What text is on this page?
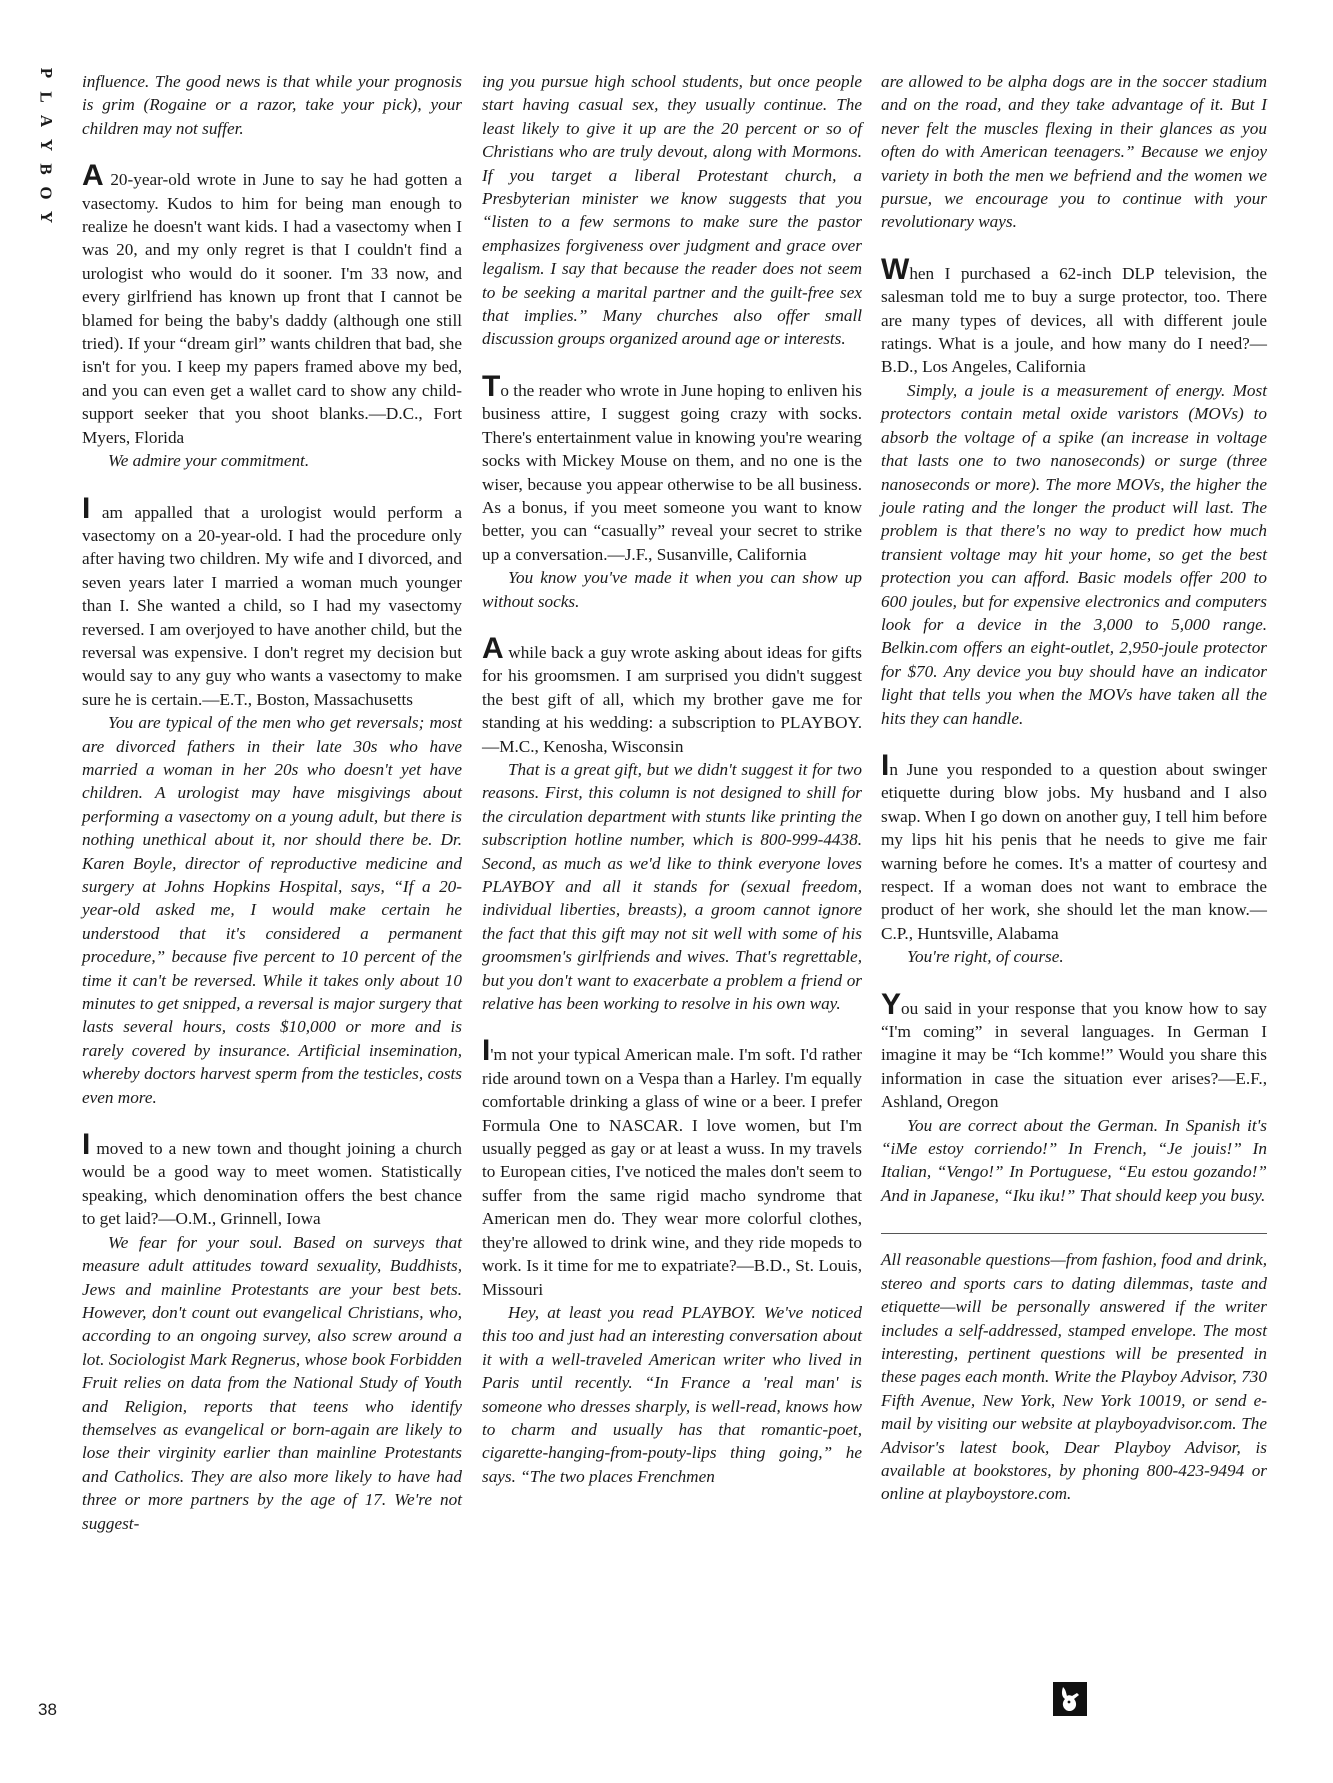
P
L
A
Y
B
O
Y
38

influence. The good news is that while your prognosis is grim (Rogaine or a razor, take your pick), your children may not suffer.

A 20-year-old wrote in June to say he had gotten a vasectomy. Kudos to him for being man enough to realize he doesn't want kids. I had a vasectomy when I was 20, and my only regret is that I couldn't find a urologist who would do it sooner. I'm 33 now, and every girlfriend has known up front that I cannot be blamed for being the baby's daddy (although one still tried). If your “dream girl” wants children that bad, she isn't for you. I keep my papers framed above my bed, and you can even get a wallet card to show any child-support seeker that you shoot blanks.—D.C., Fort Myers, Florida

We admire your commitment.

I am appalled that a urologist would perform a vasectomy on a 20-year-old. I had the procedure only after having two children. My wife and I divorced, and seven years later I married a woman much younger than I. She wanted a child, so I had my vasectomy reversed. I am overjoyed to have another child, but the reversal was expensive. I don't regret my decision but would say to any guy who wants a vasectomy to make sure he is certain.—E.T., Boston, Massachusetts

You are typical of the men who get reversals; most are divorced fathers in their late 30s who have married a woman in her 20s who doesn't yet have children. A urologist may have misgivings about performing a vasectomy on a young adult, but there is nothing unethical about it, nor should there be. Dr. Karen Boyle, director of reproductive medicine and surgery at Johns Hopkins Hospital, says, “If a 20-year-old asked me, I would make certain he understood that it's considered a permanent procedure,” because five percent to 10 percent of the time it can't be reversed. While it takes only about 10 minutes to get snipped, a reversal is major surgery that lasts several hours, costs $10,000 or more and is rarely covered by insurance. Artificial insemination, whereby doctors harvest sperm from the testicles, costs even more.

I moved to a new town and thought joining a church would be a good way to meet women. Statistically speaking, which denomination offers the best chance to get laid?—O.M., Grinnell, Iowa

We fear for your soul. Based on surveys that measure adult attitudes toward sexuality, Buddhists, Jews and mainline Protestants are your best bets. However, don't count out evangelical Christians, who, according to an ongoing survey, also screw around a lot. Sociologist Mark Regnerus, whose book Forbidden Fruit relies on data from the National Study of Youth and Religion, reports that teens who identify themselves as evangelical or born-again are likely to lose their virginity earlier than mainline Protestants and Catholics. They are also more likely to have had three or more partners by the age of 17. We're not suggest-

ing you pursue high school students, but once people start having casual sex, they usually continue. The least likely to give it up are the 20 percent or so of Christians who are truly devout, along with Mormons. If you target a liberal Protestant church, a Presbyterian minister we know suggests that you “listen to a few sermons to make sure the pastor emphasizes forgiveness over judgment and grace over legalism. I say that because the reader does not seem to be seeking a marital partner and the guilt-free sex that implies.” Many churches also offer small discussion groups organized around age or interests.

To the reader who wrote in June hoping to enliven his business attire, I suggest going crazy with socks. There's entertainment value in knowing you're wearing socks with Mickey Mouse on them, and no one is the wiser, because you appear otherwise to be all business. As a bonus, if you meet someone you want to know better, you can “casually” reveal your secret to strike up a conversation.—J.F., Susanville, California

You know you've made it when you can show up without socks.

A while back a guy wrote asking about ideas for gifts for his groomsmen. I am surprised you didn't suggest the best gift of all, which my brother gave me for standing at his wedding: a subscription to PLAYBOY.—M.C., Kenosha, Wisconsin

That is a great gift, but we didn't suggest it for two reasons. First, this column is not designed to shill for the circulation department with stunts like printing the subscription hotline number, which is 800-999-4438. Second, as much as we'd like to think everyone loves PLAYBOY and all it stands for (sexual freedom, individual liberties, breasts), a groom cannot ignore the fact that this gift may not sit well with some of his groomsmen's girlfriends and wives. That's regrettable, but you don't want to exacerbate a problem a friend or relative has been working to resolve in his own way.

I'm not your typical American male. I'm soft. I'd rather ride around town on a Vespa than a Harley. I'm equally comfortable drinking a glass of wine or a beer. I prefer Formula One to NASCAR. I love women, but I'm usually pegged as gay or at least a wuss. In my travels to European cities, I've noticed the males don't seem to suffer from the same rigid macho syndrome that American men do. They wear more colorful clothes, they're allowed to drink wine, and they ride mopeds to work. Is it time for me to expatriate?—B.D., St. Louis, Missouri

Hey, at least you read PLAYBOY. We've noticed this too and just had an interesting conversation about it with a well-traveled American writer who lived in Paris until recently. “In France a 'real man' is someone who dresses sharply, is well-read, knows how to charm and usually has that romantic-poet, cigarette-hanging-from-pouty-lips thing going,” he says. “The two places Frenchmen

are allowed to be alpha dogs are in the soccer stadium and on the road, and they take advantage of it. But I never felt the muscles flexing in their glances as you often do with American teenagers.” Because we enjoy variety in both the men we befriend and the women we pursue, we encourage you to continue with your revolutionary ways.

When I purchased a 62-inch DLP television, the salesman told me to buy a surge protector, too. There are many types of devices, all with different joule ratings. What is a joule, and how many do I need?—B.D., Los Angeles, California

Simply, a joule is a measurement of energy. Most protectors contain metal oxide varistors (MOVs) to absorb the voltage of a spike (an increase in voltage that lasts one to two nanoseconds) or surge (three nanoseconds or more). The more MOVs, the higher the joule rating and the longer the product will last. The problem is that there's no way to predict how much transient voltage may hit your home, so get the best protection you can afford. Basic models offer 200 to 600 joules, but for expensive electronics and computers look for a device in the 3,000 to 5,000 range. Belkin.com offers an eight-outlet, 2,950-joule protector for $70. Any device you buy should have an indicator light that tells you when the MOVs have taken all the hits they can handle.

In June you responded to a question about swinger etiquette during blow jobs. My husband and I also swap. When I go down on another guy, I tell him before my lips hit his penis that he needs to give me fair warning before he comes. It's a matter of courtesy and respect. If a woman does not want to embrace the product of her work, she should let the man know.—C.P., Huntsville, Alabama

You're right, of course.

You said in your response that you know how to say “I'm coming” in several languages. In German I imagine it may be “Ich komme!” Would you share this information in case the situation ever arises?—E.F., Ashland, Oregon

You are correct about the German. In Spanish it's “iMe estoy corriendo!” In French, “Je jouis!” In Italian, “Vengo!” In Portuguese, “Eu estou gozando!” And in Japanese, “Iku iku!” That should keep you busy.

All reasonable questions—from fashion, food and drink, stereo and sports cars to dating dilemmas, taste and etiquette—will be personally answered if the writer includes a self-addressed, stamped envelope. The most interesting, pertinent questions will be presented in these pages each month. Write the Playboy Advisor, 730 Fifth Avenue, New York, New York 10019, or send e-mail by visiting our website at playboyadvisor.com. The Advisor's latest book, Dear Playboy Advisor, is available at bookstores, by phoning 800-423-9494 or online at playboystore.com.
